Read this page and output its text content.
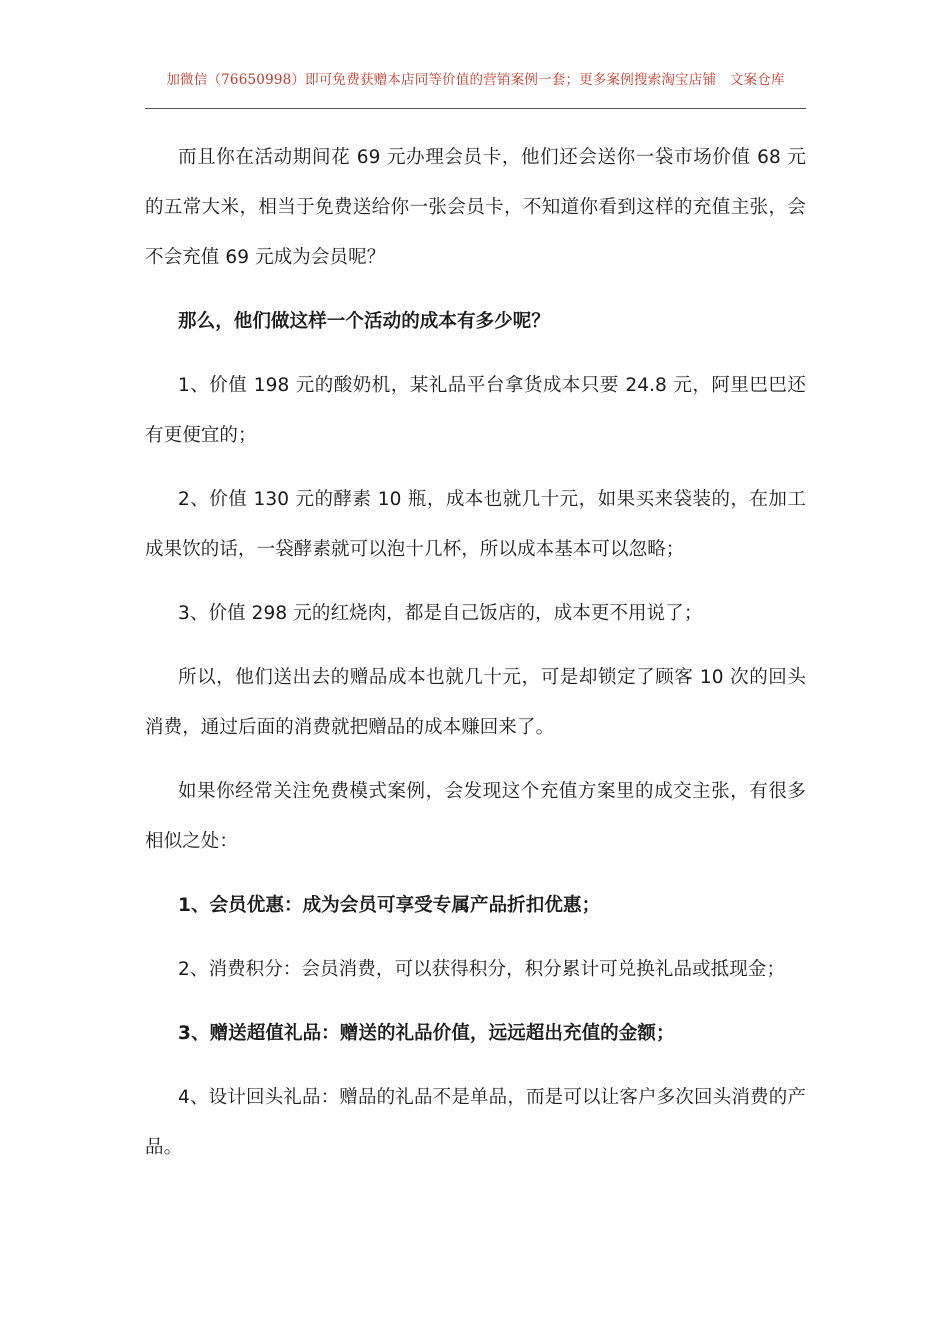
加微信（76650998）即可免费获赠本店同等价值的营销案例一套；更多案例搜索淘宝店铺　文案仓库

而且你在活动期间花 69 元办理会员卡，他们还会送你一袋市场价值 68 元的五常大米，相当于免费送给你一张会员卡，不知道你看到这样的充值主张，会不会充值 69 元成为会员呢？

那么，他们做这样一个活动的成本有多少呢？

1、价值 198 元的酸奶机，某礼品平台拿货成本只要 24.8 元，阿里巴巴还有更便宜的；

2、价值 130 元的酵素 10 瓶，成本也就几十元，如果买来袋装的，在加工成果饮的话，一袋酵素就可以泡十几杯，所以成本基本可以忽略；

3、价值 298 元的红烧肉，都是自己饭店的，成本更不用说了；

所以，他们送出去的赠品成本也就几十元，可是却锁定了顾客 10 次的回头消费，通过后面的消费就把赠品的成本赚回来了。

如果你经常关注免费模式案例，会发现这个充值方案里的成交主张，有很多相似之处：

1、会员优惠：成为会员可享受专属产品折扣优惠；

2、消费积分：会员消费，可以获得积分，积分累计可兑换礼品或抵现金；

3、赠送超值礼品：赠送的礼品价值，远远超出充值的金额；

4、设计回头礼品：赠品的礼品不是单品，而是可以让客户多次回头消费的产品。
